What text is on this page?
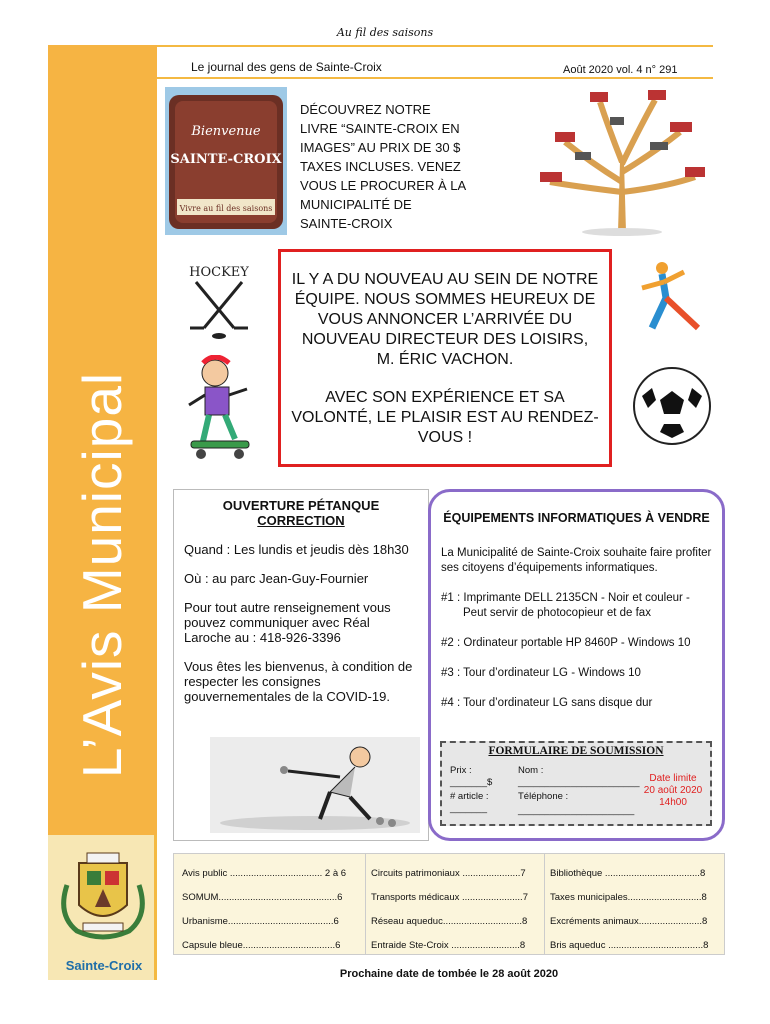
Au fil des saisons
L’Avis Municipal
Le journal des gens de Sainte-Croix	Août 2020 vol. 4 n° 291
Bienvenue
SAINTE-CROIX
Vivre au fil des saisons
DÉCOUVREZ NOTRE
LIVRE “SAINTE-CROIX EN
IMAGES” AU PRIX DE 30 $
TAXES INCLUSES. VENEZ
VOUS LE PROCURER À LA
MUNICIPALITÉ DE
SAINTE-CROIX
HOCKEY	IL Y A DU NOUVEAU AU SEIN DE NOTRE ÉQUIPE. NOUS SOMMES HEUREUX DE VOUS ANNONCER L’ARRIVÉE DU NOUVEAU DIRECTEUR DES LOISIRS, M. ÉRIC VACHON.

AVEC SON EXPÉRIENCE ET SA VOLONTÉ, LE PLAISIR EST AU RENDEZ-VOUS !

OUVERTURE PÉTANQUE
CORRECTION

Quand : Les lundis et jeudis dès 18h30

Où : au parc Jean-Guy-Fournier

Pour tout autre renseignement vous pouvez communiquer avec Réal Laroche au : 418-926-3396

Vous êtes les bienvenus, à condition de respecter les consignes gouvernementales de la COVID-19.

ÉQUIPEMENTS INFORMATIQUES À VENDRE

La Municipalité de Sainte-Croix souhaite faire profiter ses citoyens d’équipements informatiques.

#1 : Imprimante DELL 2135CN - Noir et couleur -
Peut servir de photocopieur et de fax

#2 : Ordinateur portable HP 8460P - Windows 10

#3 : Tour d’ordinateur LG - Windows 10

#4 : Tour d’ordinateur LG sans disque dur

FORMULAIRE DE SOUMISSION
Prix :
_______$
# article :
_______
Nom :
_______________________
Téléphone :
______________________
Date limite
20 août 2020
14h00
Avis public ................................... 2 à 6
SOMUM.............................................6
Urbanisme........................................6
Capsule bleue...................................6
Circuits patrimoniaux ......................7
Transports médicaux .......................7
Réseau aqueduc..............................8
Entraide Ste-Croix ..........................8
Bibliothèque ....................................8
Taxes municipales............................8
Excréments animaux........................8
Bris aqueduc ....................................8
Prochaine date de tombée le 28 août 2020
Sainte-Croix
